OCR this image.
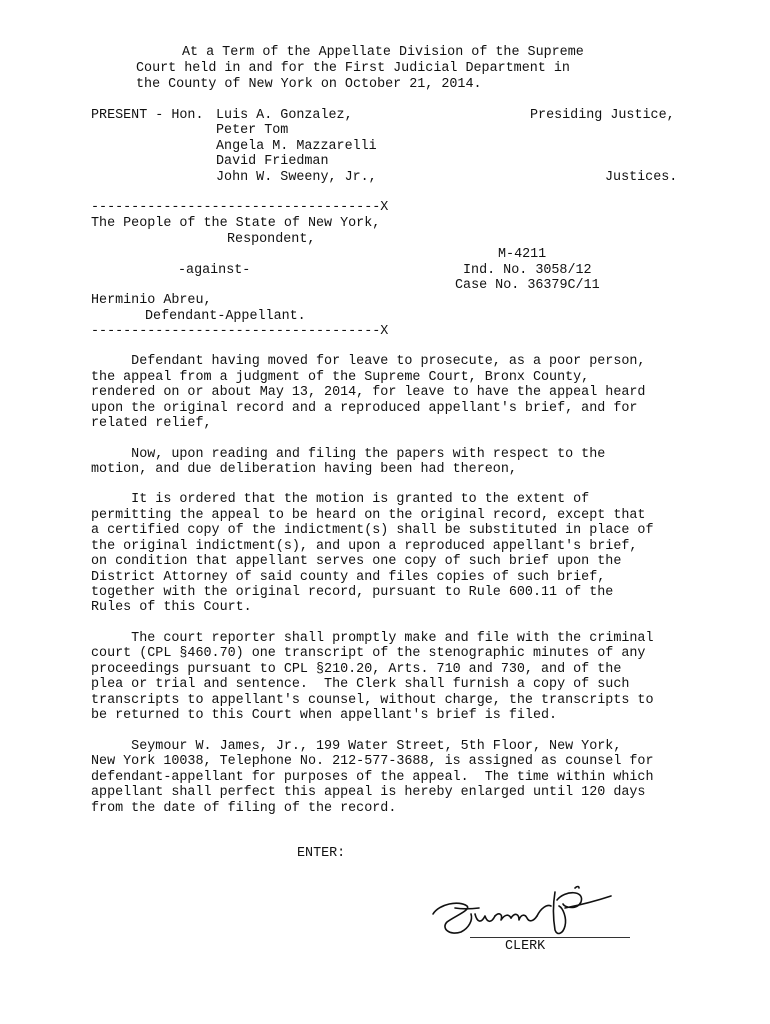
At a Term of the Appellate Division of the Supreme
Court held in and for the First Judicial Department in
the County of New York on October 21, 2014.
PRESENT - Hon. Luis A. Gonzalez,	Presiding Justice,
Peter Tom
Angela M. Mazzarelli
David Friedman
John W. Sweeny, Jr.,	Justices.
------------------------------------X
The People of the State of New York,
Respondent,
M-4211
-against-	Ind. No. 3058/12
Case No. 36379C/11
Herminio Abreu,
Defendant-Appellant.
------------------------------------X
Defendant having moved for leave to prosecute, as a poor person,
the appeal from a judgment of the Supreme Court, Bronx County,
rendered on or about May 13, 2014, for leave to have the appeal heard
upon the original record and a reproduced appellant's brief, and for
related relief,
Now, upon reading and filing the papers with respect to the
motion, and due deliberation having been had thereon,
It is ordered that the motion is granted to the extent of
permitting the appeal to be heard on the original record, except that
a certified copy of the indictment(s) shall be substituted in place of
the original indictment(s), and upon a reproduced appellant's brief,
on condition that appellant serves one copy of such brief upon the
District Attorney of said county and files copies of such brief,
together with the original record, pursuant to Rule 600.11 of the
Rules of this Court.
The court reporter shall promptly make and file with the criminal
court (CPL §460.70) one transcript of the stenographic minutes of any
proceedings pursuant to CPL §210.20, Arts. 710 and 730, and of the
plea or trial and sentence.  The Clerk shall furnish a copy of such
transcripts to appellant's counsel, without charge, the transcripts to
be returned to this Court when appellant's brief is filed.
Seymour W. James, Jr., 199 Water Street, 5th Floor, New York,
New York 10038, Telephone No. 212-577-3688, is assigned as counsel for
defendant-appellant for purposes of the appeal.  The time within which
appellant shall perfect this appeal is hereby enlarged until 120 days
from the date of filing of the record.
ENTER:
CLERK
